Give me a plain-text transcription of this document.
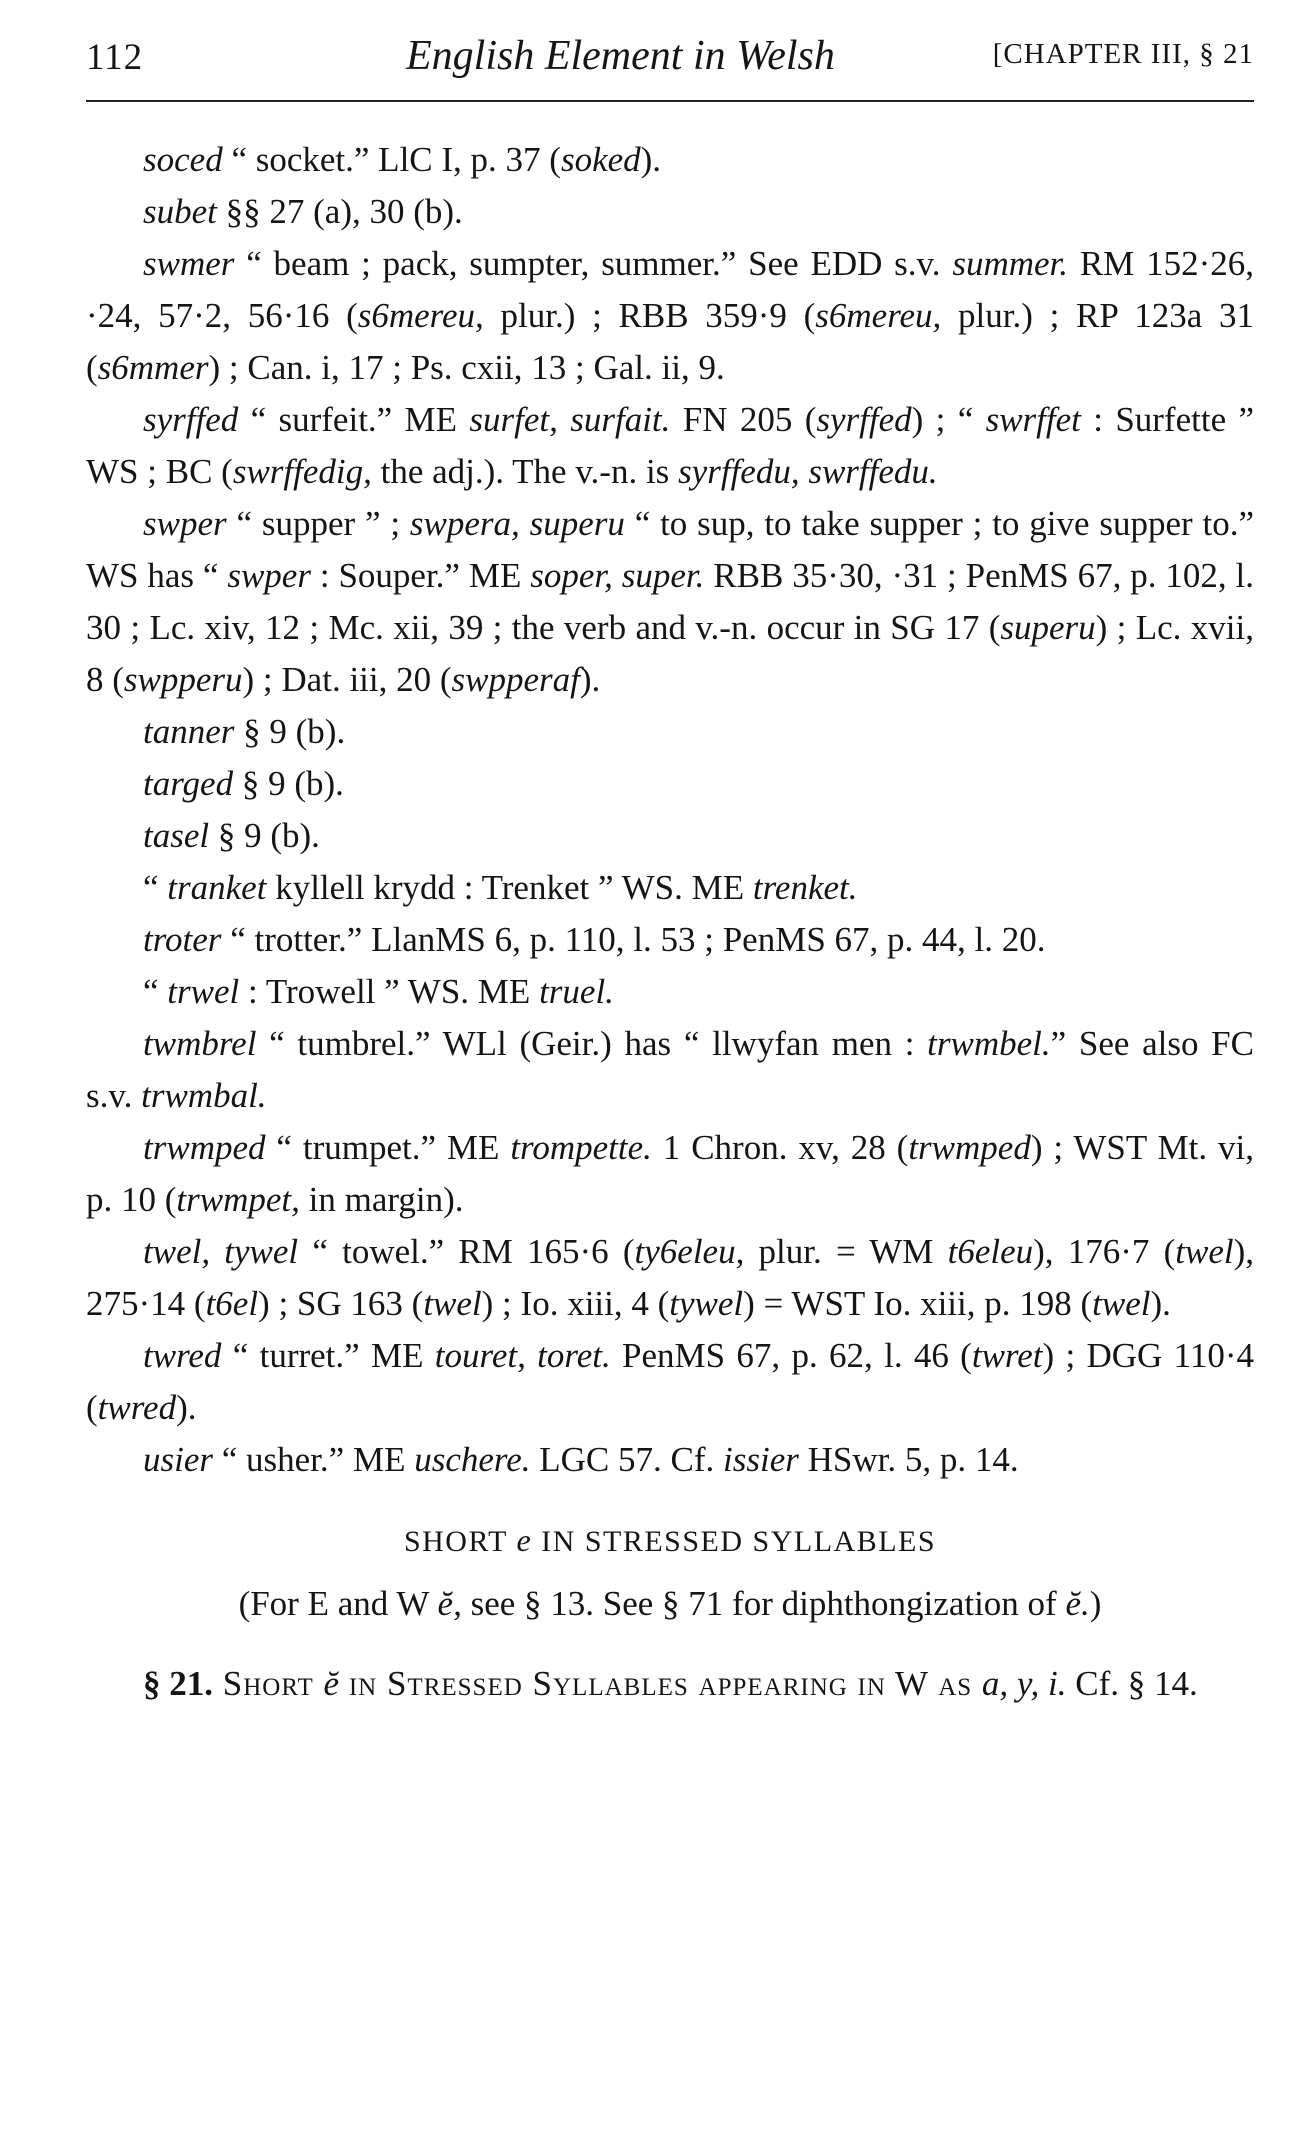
112	English Element in Welsh	[CHAPTER III, § 21

soced “ socket.” LlC I, p. 37 (soked).

subet §§ 27 (a), 30 (b).

swmer “ beam ; pack, sumpter, summer.” See EDD s.v. summer. RM 152·26, ·24, 57·2, 56·16 (s6mereu, plur.) ; RBB 359·9 (s6mereu, plur.) ; RP 123a 31 (s6mmer) ; Can. i, 17 ; Ps. cxii, 13 ; Gal. ii, 9.

syrffed “ surfeit.” ME surfet, surfait. FN 205 (syrffed) ; “ swrffet : Surfette ” WS ; BC (swrffedig, the adj.). The v.-n. is syrffedu, swrffedu.

swper “ supper ” ; swpera, superu “ to sup, to take supper ; to give supper to.” WS has “ swper : Souper.” ME soper, super. RBB 35·30, ·31 ; PenMS 67, p. 102, l. 30 ; Lc. xiv, 12 ; Mc. xii, 39 ; the verb and v.-n. occur in SG 17 (superu) ; Lc. xvii, 8 (swpperu) ; Dat. iii, 20 (swpperaf).

tanner § 9 (b).

targed § 9 (b).

tasel § 9 (b).

“ tranket kyllell krydd : Trenket ” WS. ME trenket.

troter “ trotter.” LlanMS 6, p. 110, l. 53 ; PenMS 67, p. 44, l. 20.

“ trwel : Trowell ” WS. ME truel.

twmbrel “ tumbrel.” WLl (Geir.) has “ llwyfan men : trwmbel.” See also FC s.v. trwmbal.

trwmped “ trumpet.” ME trompette. 1 Chron. xv, 28 (trwmped) ; WST Mt. vi, p. 10 (trwmpet, in margin).

twel, tywel “ towel.” RM 165·6 (ty6eleu, plur. = WM t6eleu), 176·7 (twel), 275·14 (t6el) ; SG 163 (twel) ; Io. xiii, 4 (tywel) = WST Io. xiii, p. 198 (twel).

twred “ turret.” ME touret, toret. PenMS 67, p. 62, l. 46 (twret) ; DGG 110·4 (twred).

usier “ usher.” ME uschere. LGC 57. Cf. issier HSwr. 5, p. 14.

SHORT e IN STRESSED SYLLABLES
(For E and W ĕ, see § 13. See § 71 for diphthongization of ĕ.)
§ 21. Short ĕ in Stressed Syllables appearing in W as a, y, i. Cf. § 14.
